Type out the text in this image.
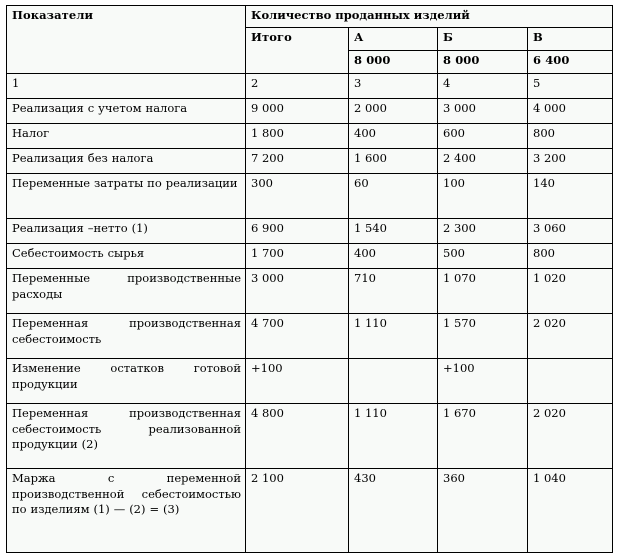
Показатели	Количество проданных изделий			
	Итого	А	Б	В
		8 000	8 000	6 400
1	2	3	4	5
Реализация с учетом налога	9 000	2 000	3 000	4 000
Налог	1 800	400	600	800
Реализация без налога	7 200	1 600	2 400	3 200
Переменные затраты по реализации	300	60	100	140
Реализация –нетто (1)	6 900	1 540	2 300	3 060
Себестоимость сырья	1 700	400	500	800
Переменные производственные расходы	3 000	710	1 070	1 020
Переменная производственная себестоимость	4 700	1 110	1 570	2 020
Изменение остатков готовой продукции	+100		+100	
Переменная производственная себестоимость реализованной продукции (2)	4 800	1 110	1 670	2 020
Маржа с переменной производственной себестоимостью по изделиям (1) — (2) = (3)	2 100	430	360	1 040
